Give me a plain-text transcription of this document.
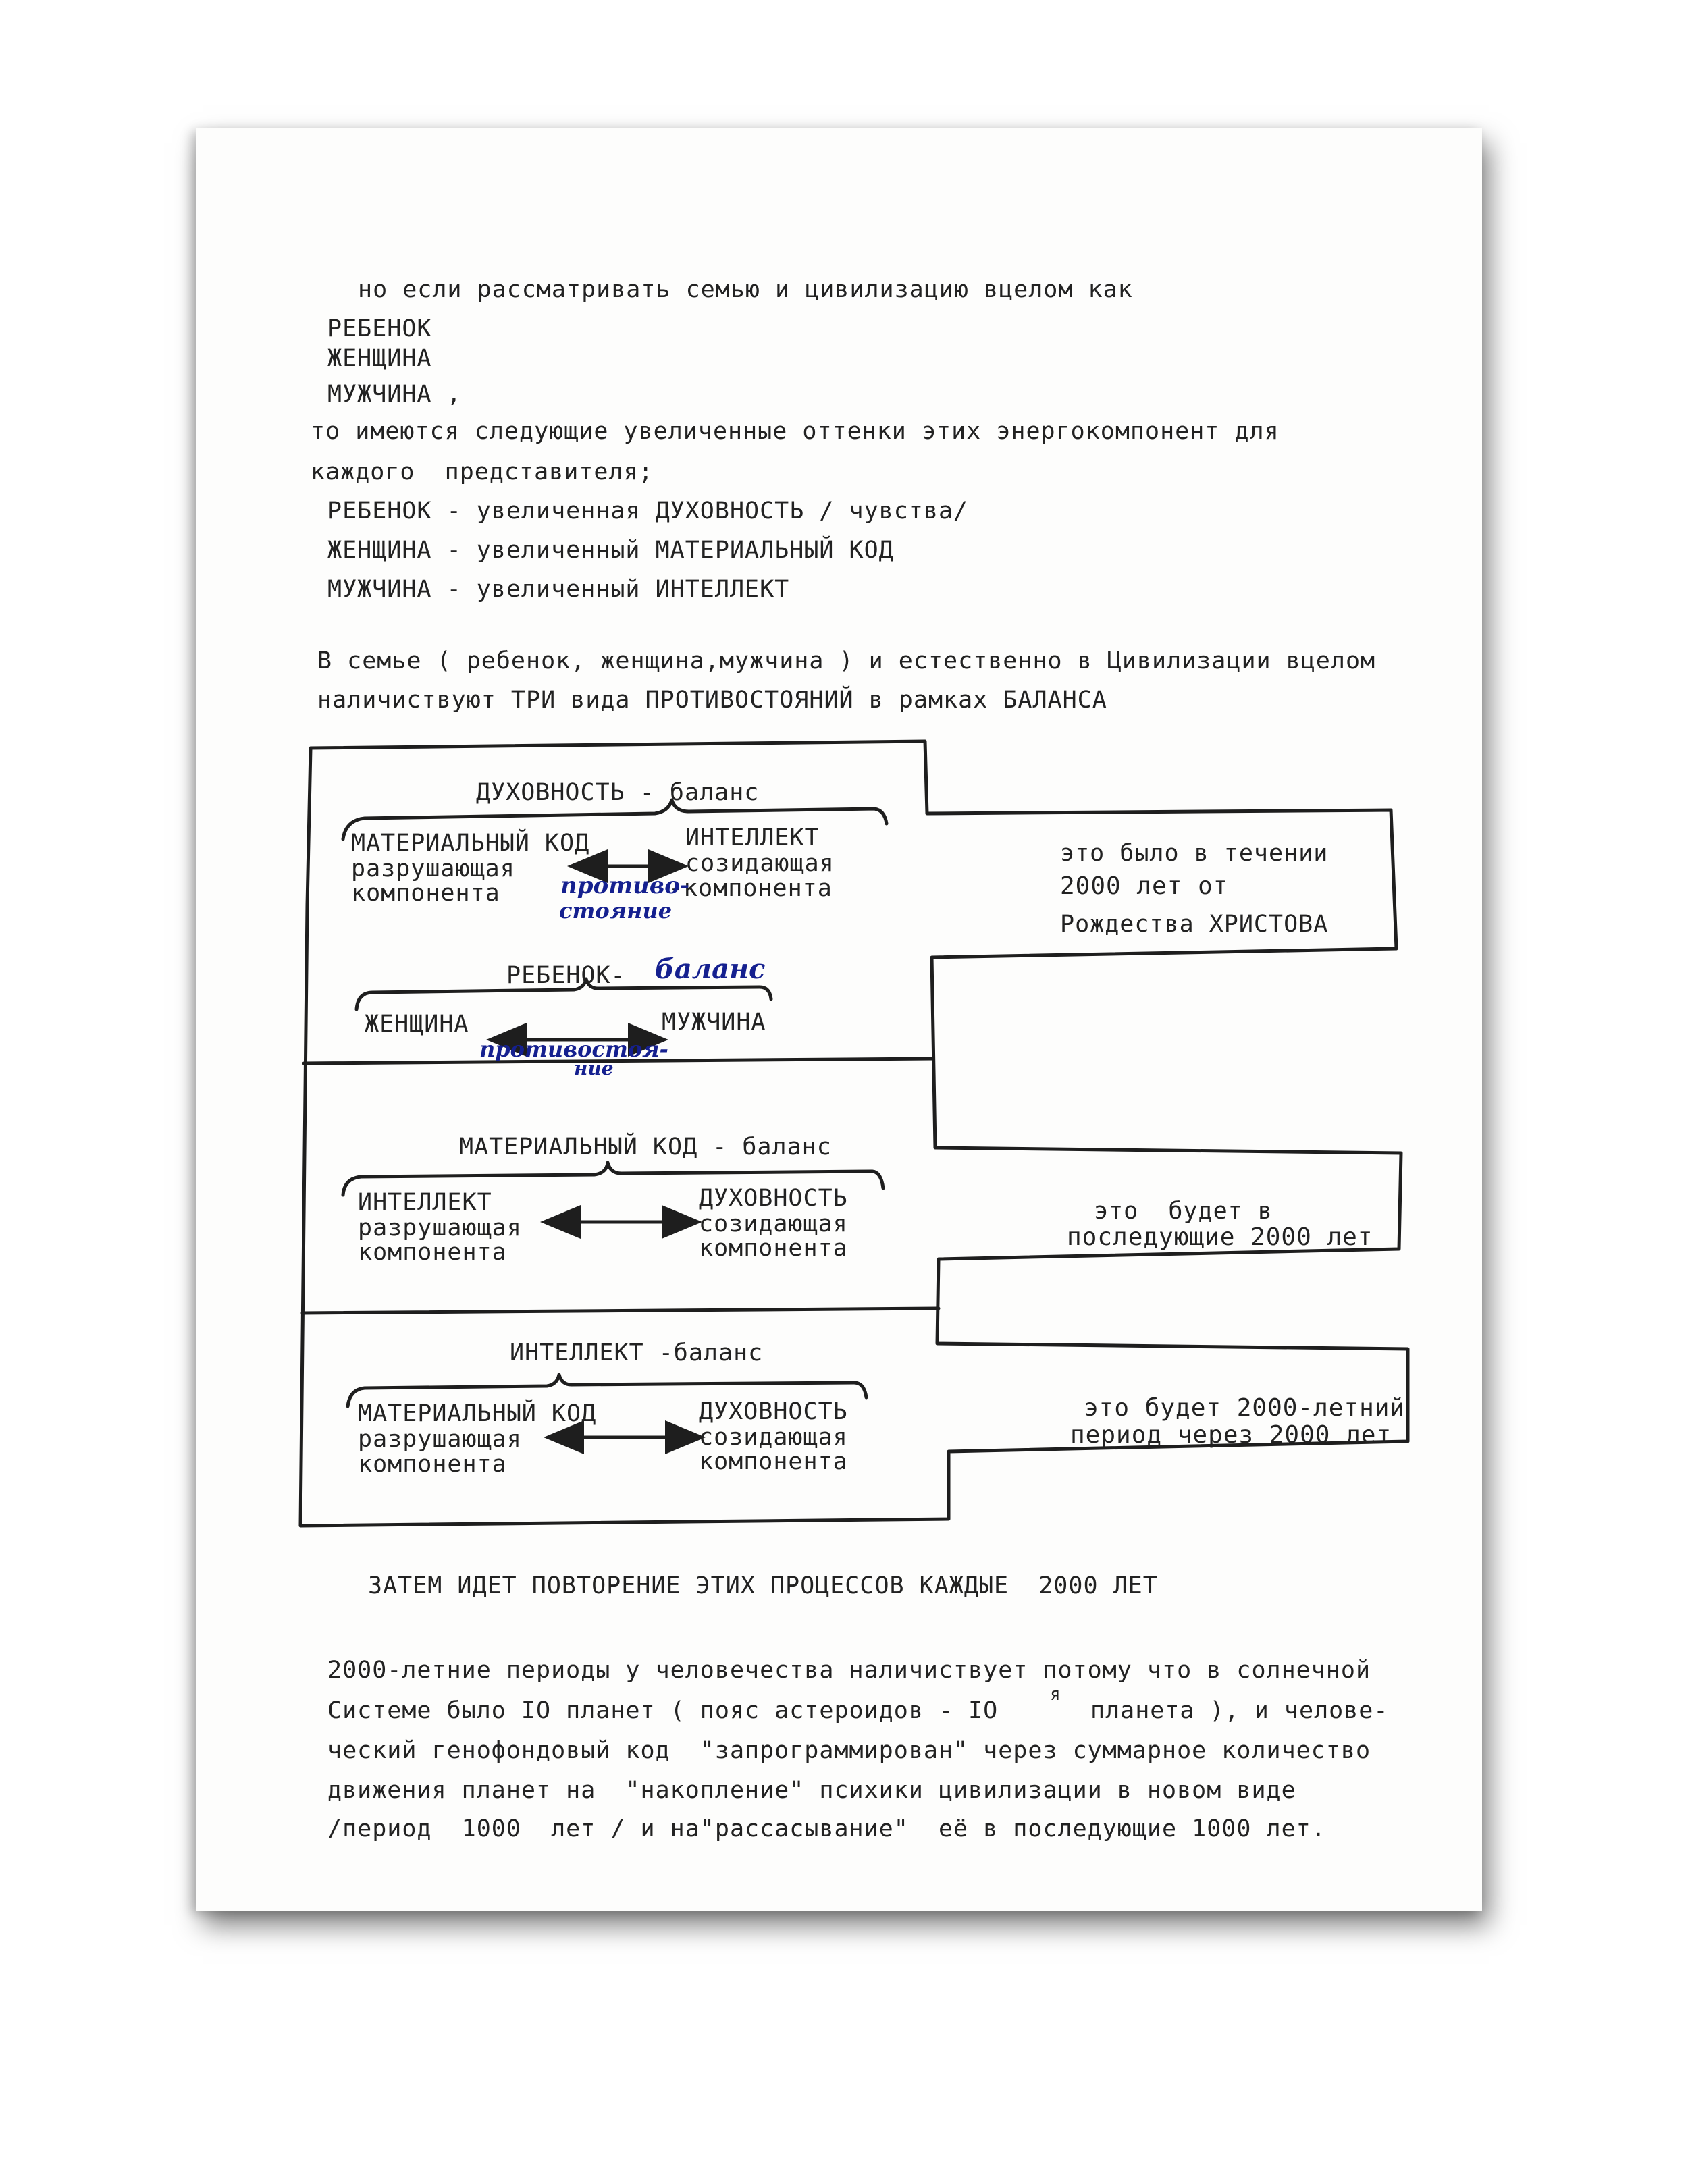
но если рассматривать семью и цивилизацию вцелом как
РЕБЕНОК
ЖЕНЩИНА
МУЖЧИНА ,
то имеются следующие увеличенные оттенки этих энергокомпонент для
каждого  представителя;
РЕБЕНОК - увеличенная ДУХОВНОСТЬ / чувства/
ЖЕНЩИНА - увеличенный МАТЕРИАЛЬНЫЙ КОД
МУЖЧИНА - увеличенный ИНТЕЛЛЕКТ
В семье ( ребенок, женщина,мужчина ) и естественно в Цивилизации вцелом
наличиствуют ТРИ вида ПРОТИВОСТОЯНИЙ в рамках БАЛАНСА
ДУХОВНОСТЬ - баланс
МАТЕРИАЛЬНЫЙ КОД
разрушающая
компонента
ИНТЕЛЛЕКТ
созидающая
-компонента
противо-
стояние
РЕБЕНОК- баланс
ЖЕНЩИНА	МУЖЧИНА
противостоя-
ние
это было в течении
2000 лет от
Рождества ХРИСТОВА
МАТЕРИАЛЬНЫЙ КОД - баланс
ИНТЕЛЛЕКТ
разрушающая
компонента
ДУХОВНОСТЬ
созидающая
компонента
это  будет в
последующие 2000 лет
ИНТЕЛЛЕКТ -баланс
МАТЕРИАЛЬНЫЙ КОД
разрушающая
компонента
ДУХОВНОСТЬ
созидающая
компонента
это будет 2000-летний
период через 2000 лет
ЗАТЕМ ИДЕТ ПОВТОРЕНИЕ ЭТИХ ПРОЦЕССОВ КАЖДЫЕ  2000 ЛЕТ
2000-летние периоды у человечества наличиствует потому что в солнечной
Системе было IO планет ( пояс астероидов - IO
я
планета ), и челове-
ческий генофондовый код  "запрограммирован" через суммарное количество
движения планет на  "накопление" психики цивилизации в новом виде
/период  1000  лет / и на"рассасывание"  её в последующие 1000 лет.
